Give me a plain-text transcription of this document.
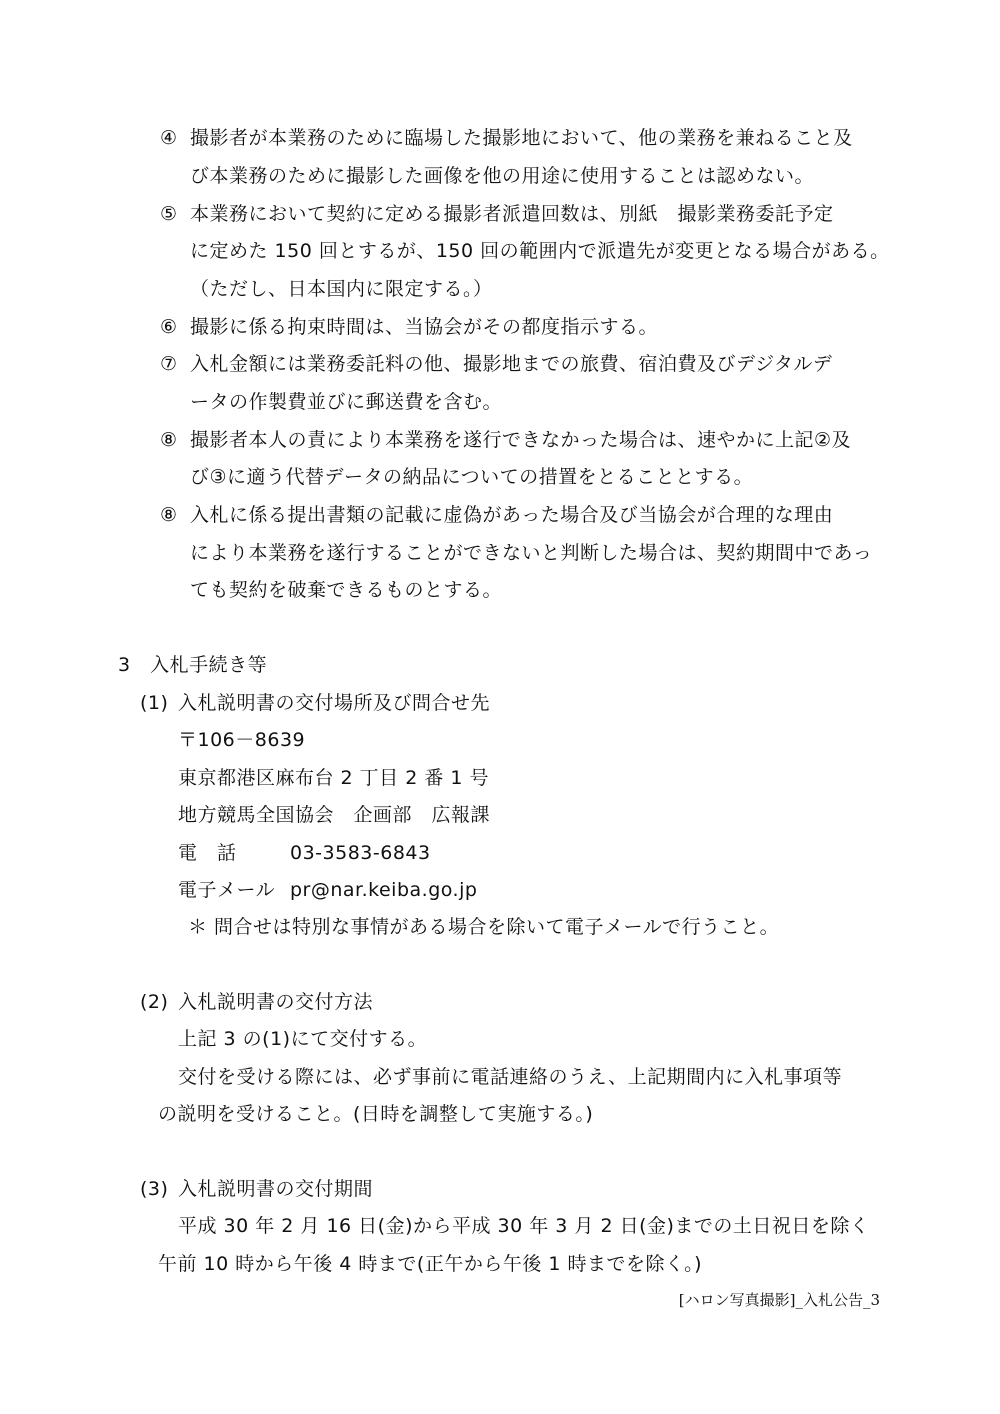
④ 撮影者が本業務のために臨場した撮影地において、他の業務を兼ねること及
び本業務のために撮影した画像を他の用途に使用することは認めない。
⑤ 本業務において契約に定める撮影者派遣回数は、別紙　撮影業務委託予定
に定めた 150 回とするが、150 回の範囲内で派遣先が変更となる場合がある。
（ただし、日本国内に限定する。）
⑥ 撮影に係る拘束時間は、当協会がその都度指示する。
⑦ 入札金額には業務委託料の他、撮影地までの旅費、宿泊費及びデジタルデ
ータの作製費並びに郵送費を含む。
⑧ 撮影者本人の責により本業務を遂行できなかった場合は、速やかに上記②及
び③に適う代替データの納品についての措置をとることとする。
⑧ 入札に係る提出書類の記載に虚偽があった場合及び当協会が合理的な理由
により本業務を遂行することができないと判断した場合は、契約期間中であっ
ても契約を破棄できるものとする。
3　入札手続き等
(1) 入札説明書の交付場所及び問合せ先
〒106－8639
東京都港区麻布台 2 丁目 2 番 1 号
地方競馬全国協会　企画部　広報課
電　話	03-3583-6843
電子メール pr@nar.keiba.go.jp
＊ 問合せは特別な事情がある場合を除いて電子メールで行うこと。
(2) 入札説明書の交付方法
上記 3 の(1)にて交付する。
交付を受ける際には、必ず事前に電話連絡のうえ、上記期間内に入札事項等
の説明を受けること。(日時を調整して実施する。)
(3) 入札説明書の交付期間
平成 30 年 2 月 16 日(金)から平成 30 年 3 月 2 日(金)までの土日祝日を除く
午前 10 時から午後 4 時まで(正午から午後 1 時までを除く。)
[ハロン写真撮影]_入札公告_3
